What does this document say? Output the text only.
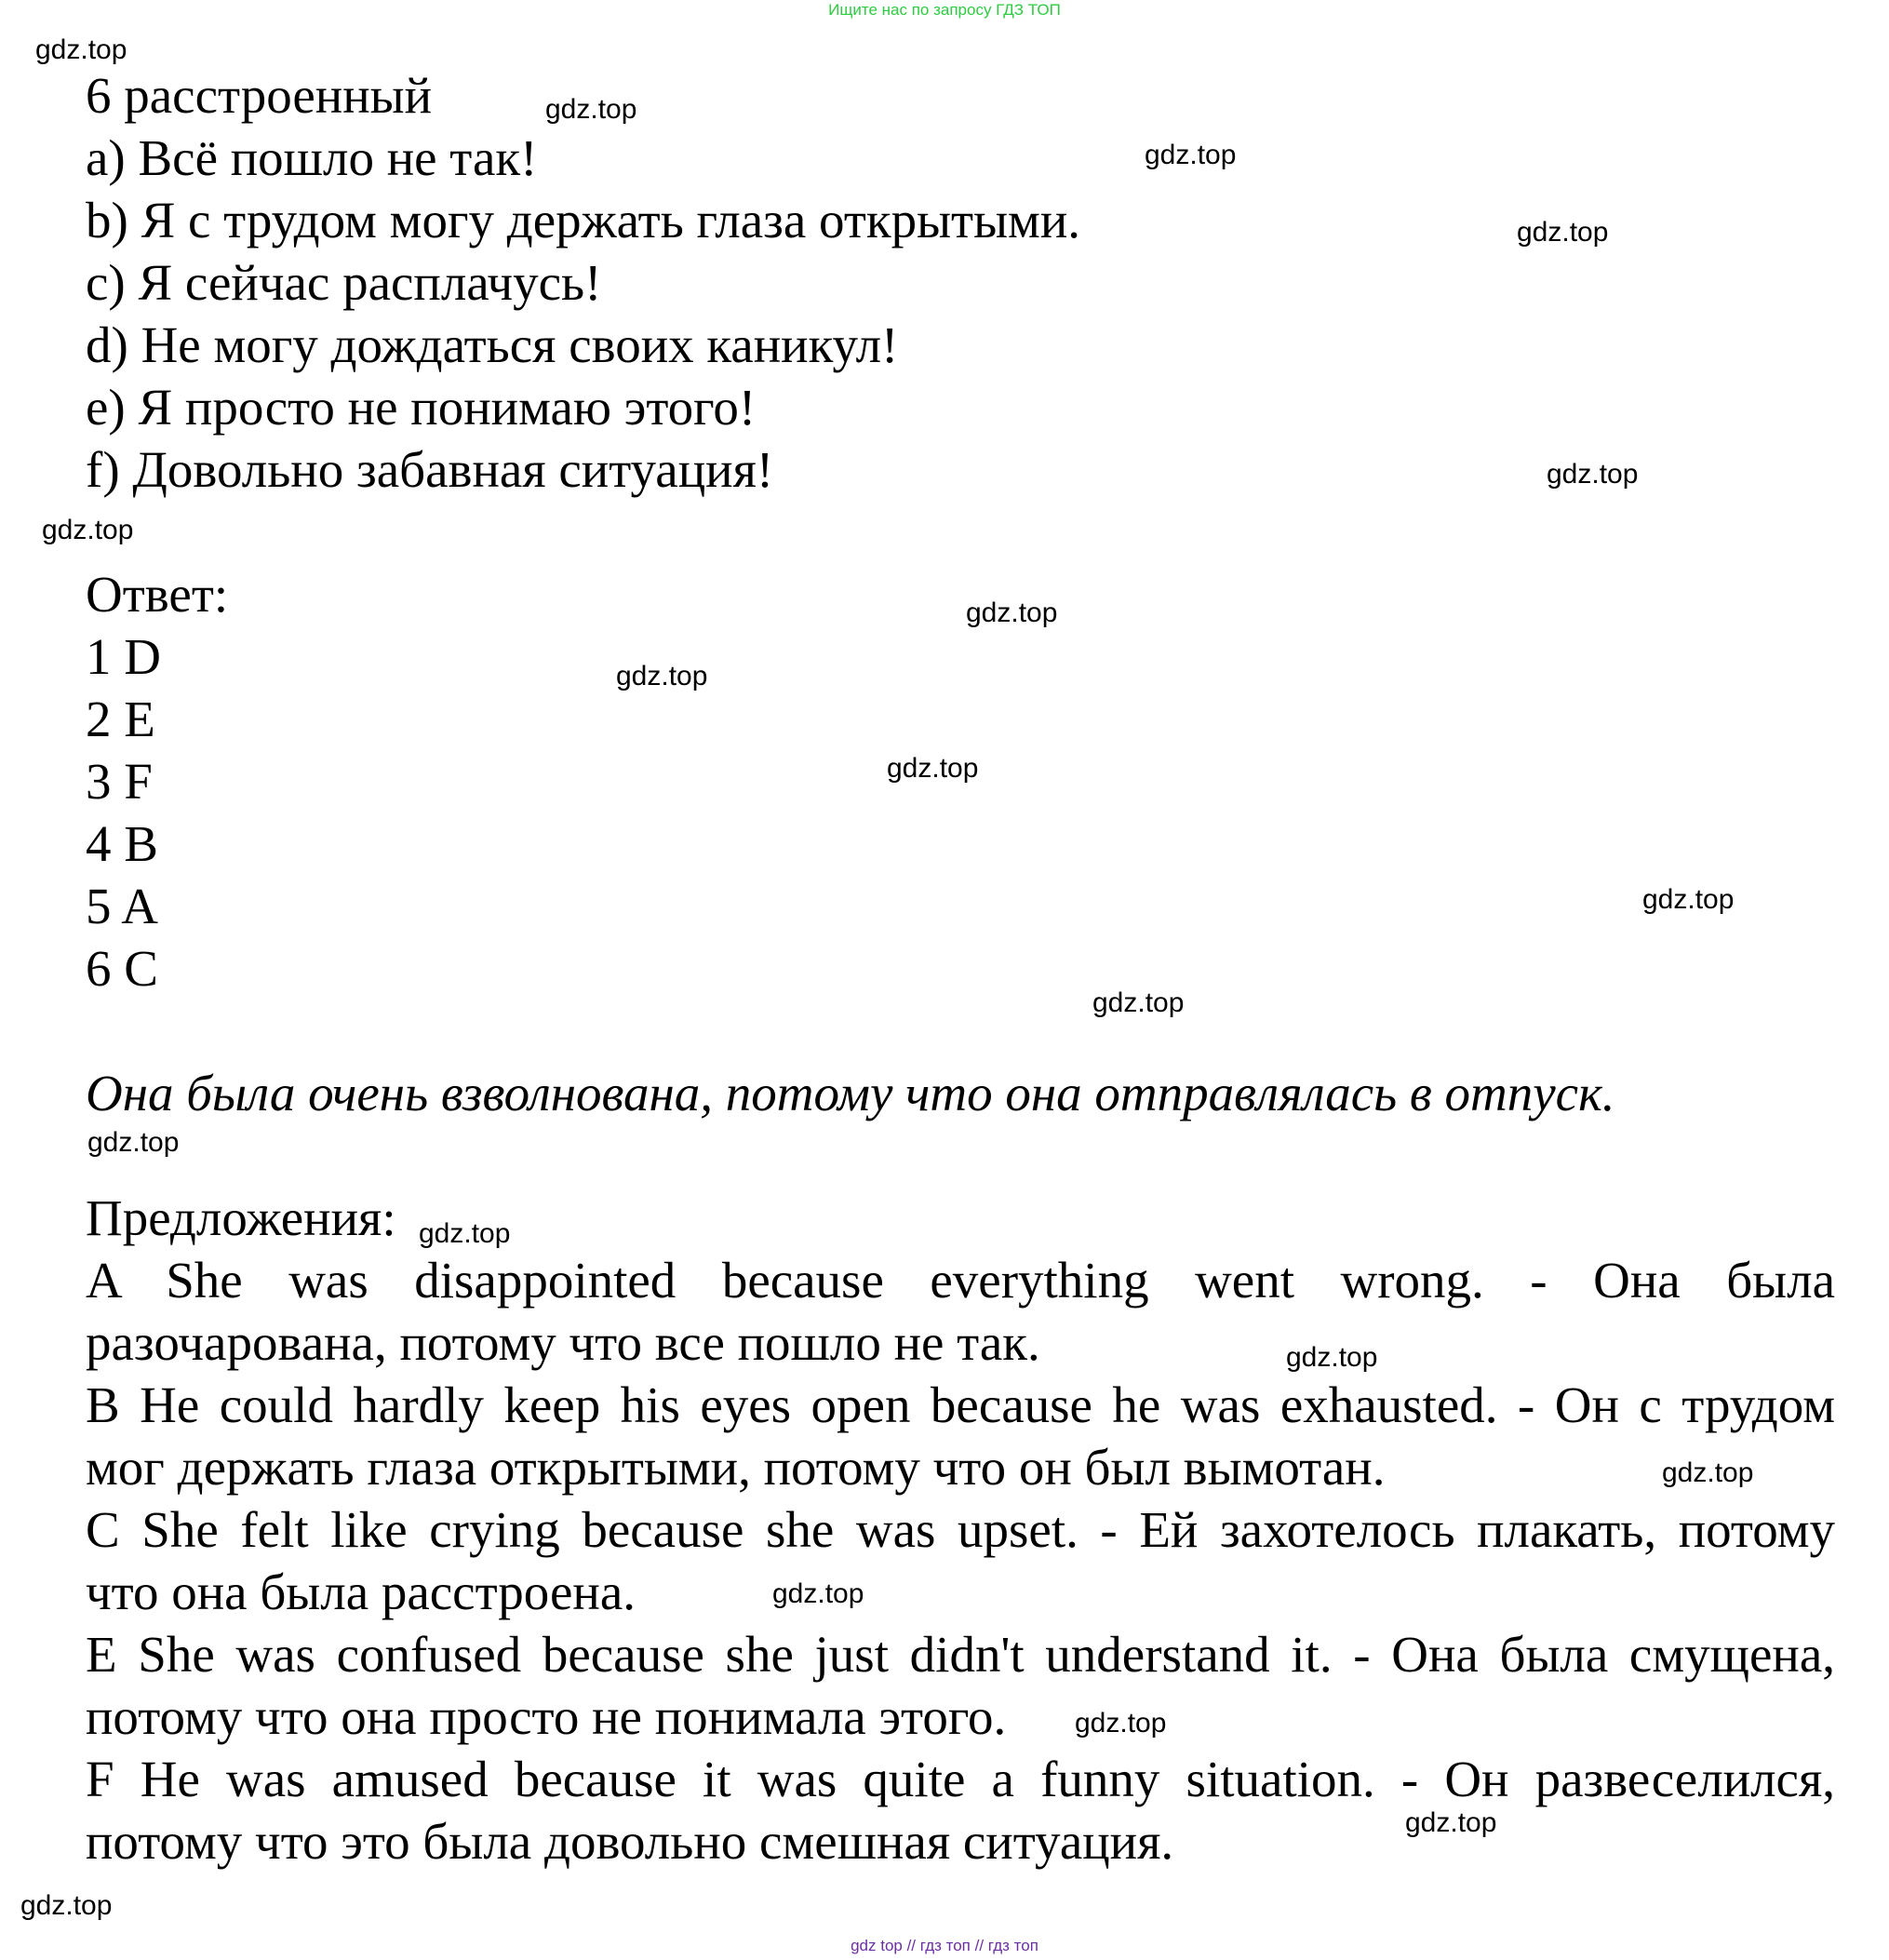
Ищите нас по запросу ГДЗ ТОП
6 расстроенный
a) Всё пошло не так!
b) Я с трудом могу держать глаза открытыми.
c) Я сейчас расплачусь!
d) Не могу дождаться своих каникул!
e) Я просто не понимаю этого!
f) Довольно забавная ситуация!
Ответ:
1 D
2 E
3 F
4 B
5 A
6 C
Она была очень взволнована, потому что она отправлялась в отпуск.
Предложения:
A She was disappointed because everything went wrong. - Она была
разочарована, потому что все пошло не так.
B He could hardly keep his eyes open because he was exhausted. - Он с трудом
мог держать глаза открытыми, потому что он был вымотан.
C She felt like crying because she was upset. - Ей захотелось плакать, потому
что она была расстроена.
E She was confused because she just didn't understand it. - Она была смущена,
потому что она просто не понимала этого.
F He was amused because it was quite a funny situation. - Он развеселился,
потому что это была довольно смешная ситуация.
gdz.top
gdz.top
gdz.top
gdz.top
gdz.top
gdz.top
gdz.top
gdz.top
gdz.top
gdz.top
gdz.top
gdz.top
gdz.top
gdz.top
gdz.top
gdz.top
gdz.top
gdz.top
gdz.top
gdz top // гдз топ // гдз топ
